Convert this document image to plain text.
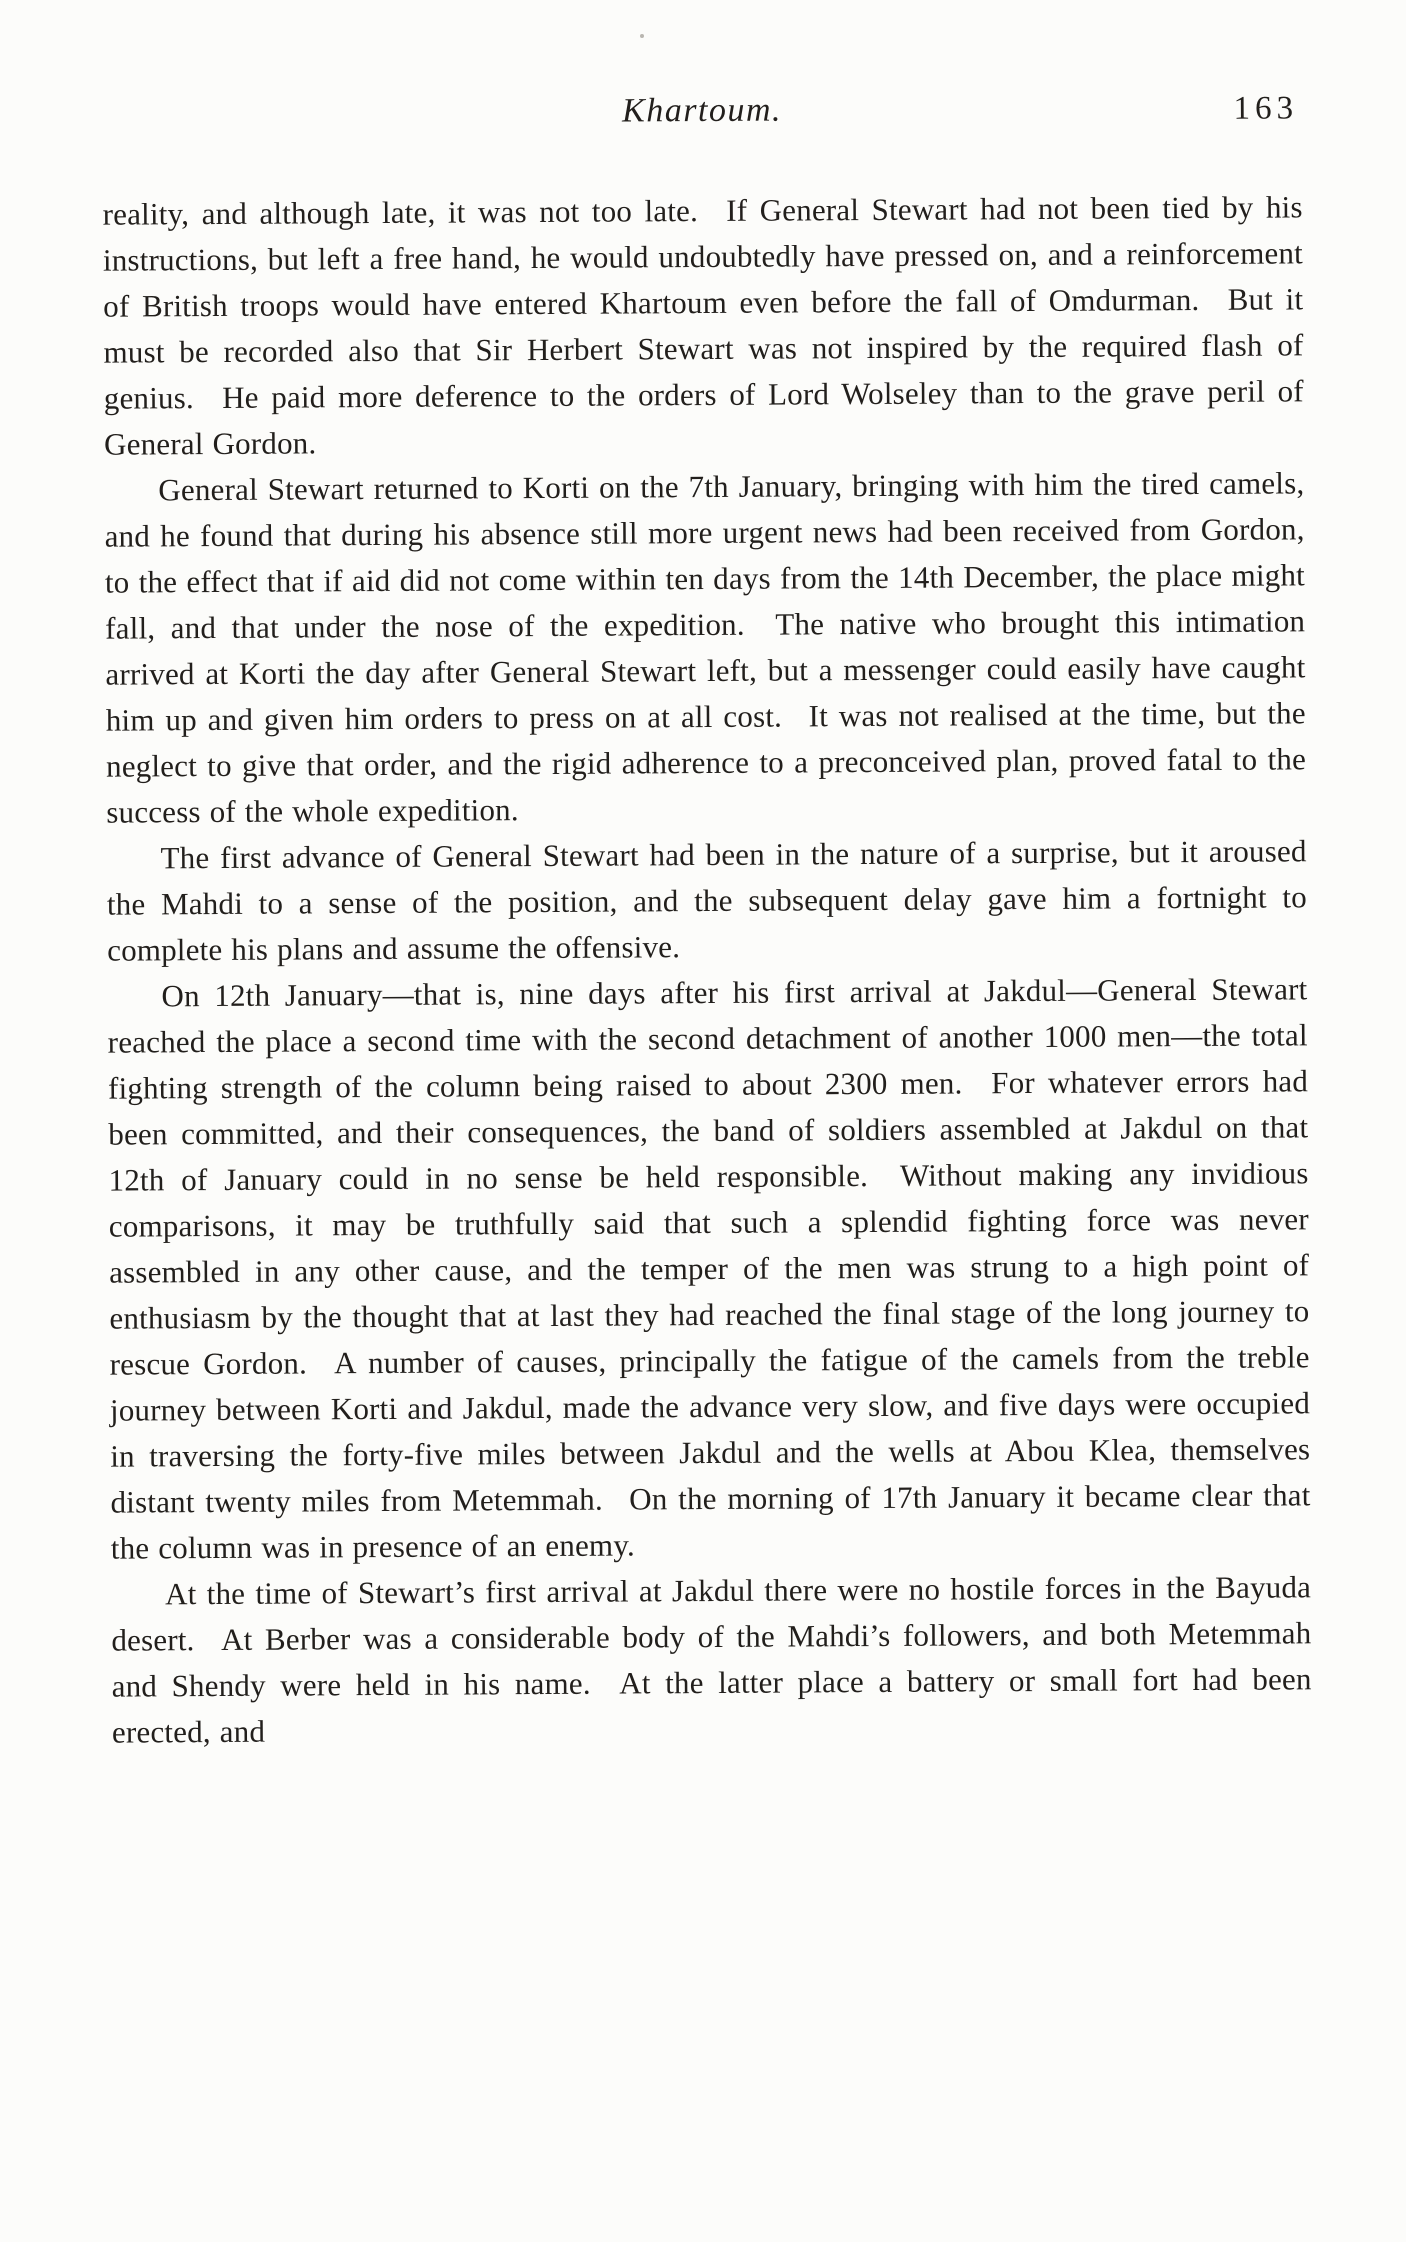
Khartoum.	163

reality, and although late, it was not too late.  If General Stewart had not been tied by his instructions, but left a free hand, he would undoubtedly have pressed on, and a reinforcement of British troops would have entered Khartoum even before the fall of Omdurman.  But it must be recorded also that Sir Herbert Stewart was not inspired by the required flash of genius.  He paid more deference to the orders of Lord Wolseley than to the grave peril of General Gordon.

General Stewart returned to Korti on the 7th January, bringing with him the tired camels, and he found that during his absence still more urgent news had been received from Gordon, to the effect that if aid did not come within ten days from the 14th December, the place might fall, and that under the nose of the expedition.  The native who brought this intimation arrived at Korti the day after General Stewart left, but a messenger could easily have caught him up and given him orders to press on at all cost.  It was not realised at the time, but the neglect to give that order, and the rigid adherence to a preconceived plan, proved fatal to the success of the whole expedition.

The first advance of General Stewart had been in the nature of a surprise, but it aroused the Mahdi to a sense of the position, and the subsequent delay gave him a fortnight to complete his plans and assume the offensive.

On 12th January—that is, nine days after his first arrival at Jakdul—General Stewart reached the place a second time with the second detachment of another 1000 men—the total fighting strength of the column being raised to about 2300 men.  For whatever errors had been committed, and their consequences, the band of soldiers assembled at Jakdul on that 12th of January could in no sense be held responsible.  Without making any invidious comparisons, it may be truthfully said that such a splendid fighting force was never assembled in any other cause, and the temper of the men was strung to a high point of enthusiasm by the thought that at last they had reached the final stage of the long journey to rescue Gordon.  A number of causes, principally the fatigue of the camels from the treble journey between Korti and Jakdul, made the advance very slow, and five days were occupied in traversing the forty-five miles between Jakdul and the wells at Abou Klea, themselves distant twenty miles from Metemmah.  On the morning of 17th January it became clear that the column was in presence of an enemy.

At the time of Stewart’s first arrival at Jakdul there were no hostile forces in the Bayuda desert.  At Berber was a considerable body of the Mahdi’s followers, and both Metemmah and Shendy were held in his name.  At the latter place a battery or small fort had been erected, and
